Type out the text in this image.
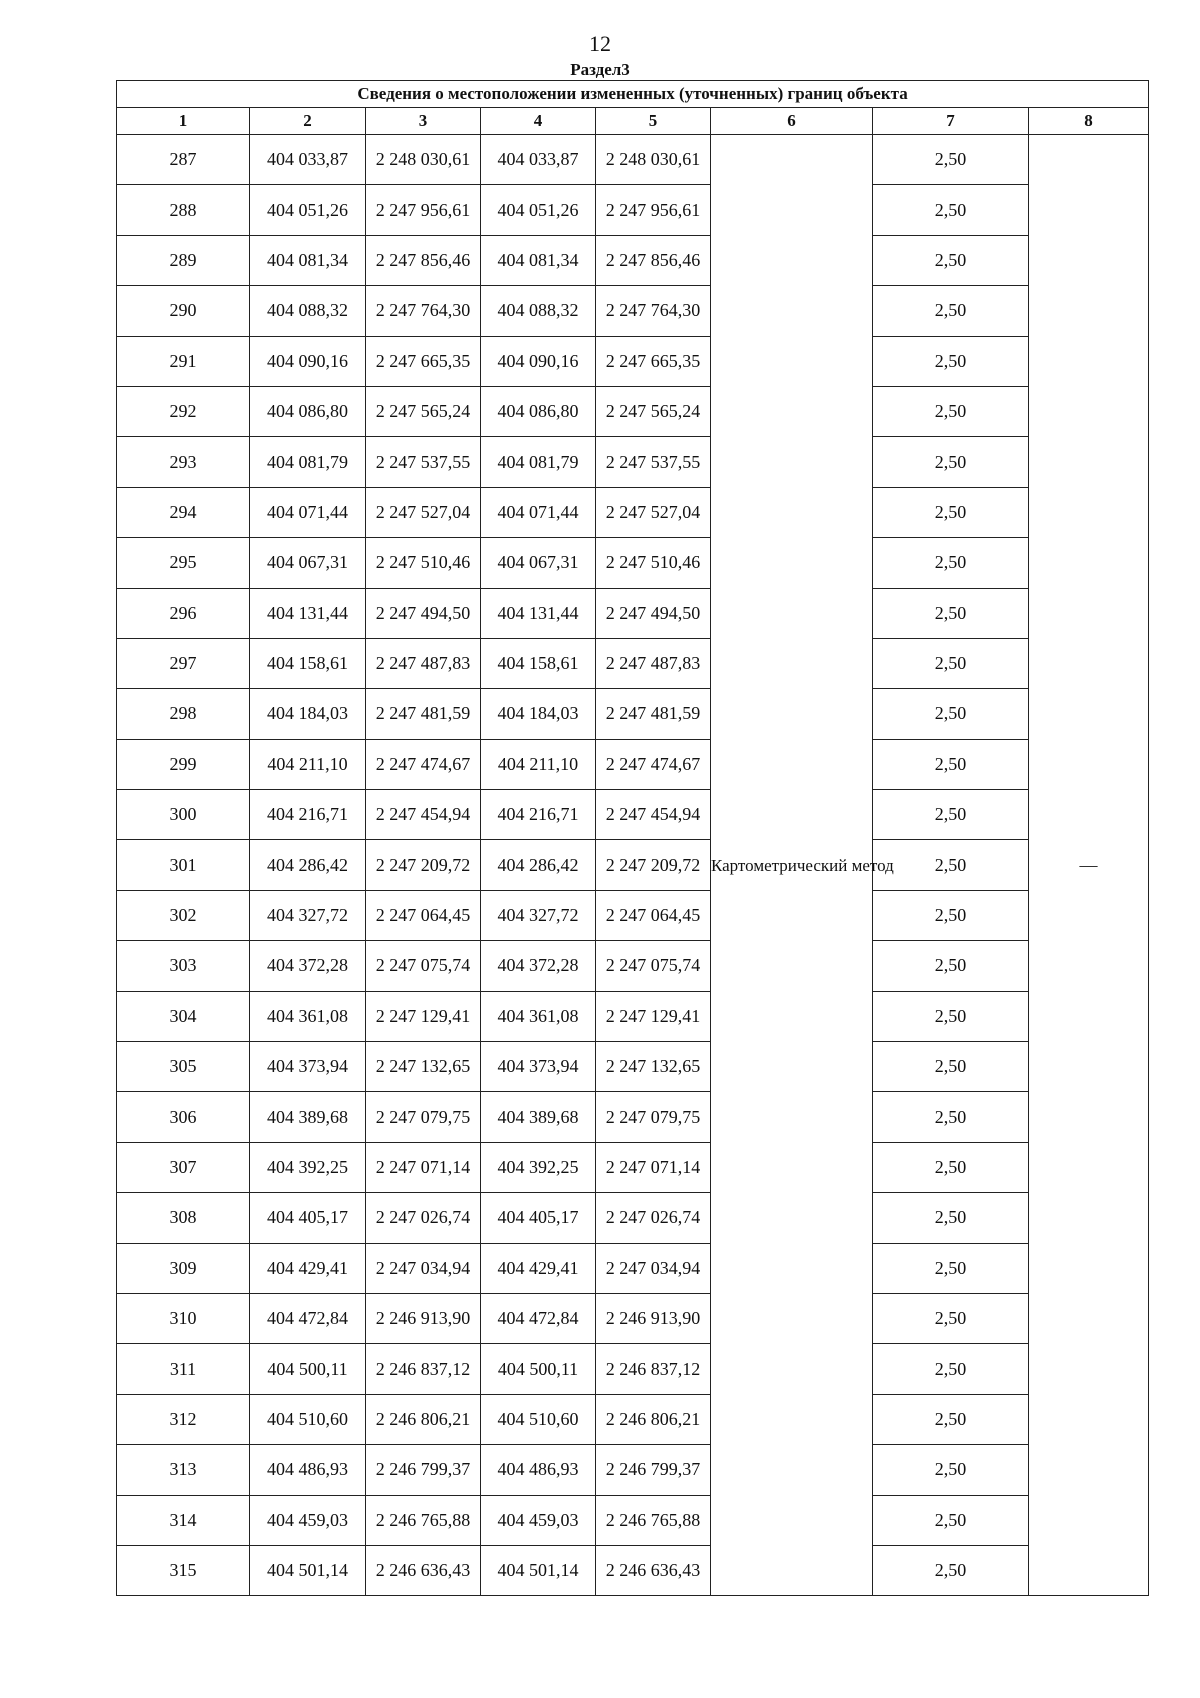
12
Раздел3
Сведения о местоположении измененных (уточненных) границ объекта							
1	2	3	4	5	6	7	8
287	404 033,87	2 248 030,61	404 033,87	2 248 030,61	Картометрический метод	2,50	—
288	404 051,26	2 247 956,61	404 051,26	2 247 956,61		2,50	
289	404 081,34	2 247 856,46	404 081,34	2 247 856,46		2,50	
290	404 088,32	2 247 764,30	404 088,32	2 247 764,30		2,50	
291	404 090,16	2 247 665,35	404 090,16	2 247 665,35		2,50	
292	404 086,80	2 247 565,24	404 086,80	2 247 565,24		2,50	
293	404 081,79	2 247 537,55	404 081,79	2 247 537,55		2,50	
294	404 071,44	2 247 527,04	404 071,44	2 247 527,04		2,50	
295	404 067,31	2 247 510,46	404 067,31	2 247 510,46		2,50	
296	404 131,44	2 247 494,50	404 131,44	2 247 494,50		2,50	
297	404 158,61	2 247 487,83	404 158,61	2 247 487,83		2,50	
298	404 184,03	2 247 481,59	404 184,03	2 247 481,59		2,50	
299	404 211,10	2 247 474,67	404 211,10	2 247 474,67		2,50	
300	404 216,71	2 247 454,94	404 216,71	2 247 454,94		2,50	
301	404 286,42	2 247 209,72	404 286,42	2 247 209,72		2,50	
302	404 327,72	2 247 064,45	404 327,72	2 247 064,45		2,50	
303	404 372,28	2 247 075,74	404 372,28	2 247 075,74		2,50	
304	404 361,08	2 247 129,41	404 361,08	2 247 129,41		2,50	
305	404 373,94	2 247 132,65	404 373,94	2 247 132,65		2,50	
306	404 389,68	2 247 079,75	404 389,68	2 247 079,75		2,50	
307	404 392,25	2 247 071,14	404 392,25	2 247 071,14		2,50	
308	404 405,17	2 247 026,74	404 405,17	2 247 026,74		2,50	
309	404 429,41	2 247 034,94	404 429,41	2 247 034,94		2,50	
310	404 472,84	2 246 913,90	404 472,84	2 246 913,90		2,50	
311	404 500,11	2 246 837,12	404 500,11	2 246 837,12		2,50	
312	404 510,60	2 246 806,21	404 510,60	2 246 806,21		2,50	
313	404 486,93	2 246 799,37	404 486,93	2 246 799,37		2,50	
314	404 459,03	2 246 765,88	404 459,03	2 246 765,88		2,50	
315	404 501,14	2 246 636,43	404 501,14	2 246 636,43		2,50	
